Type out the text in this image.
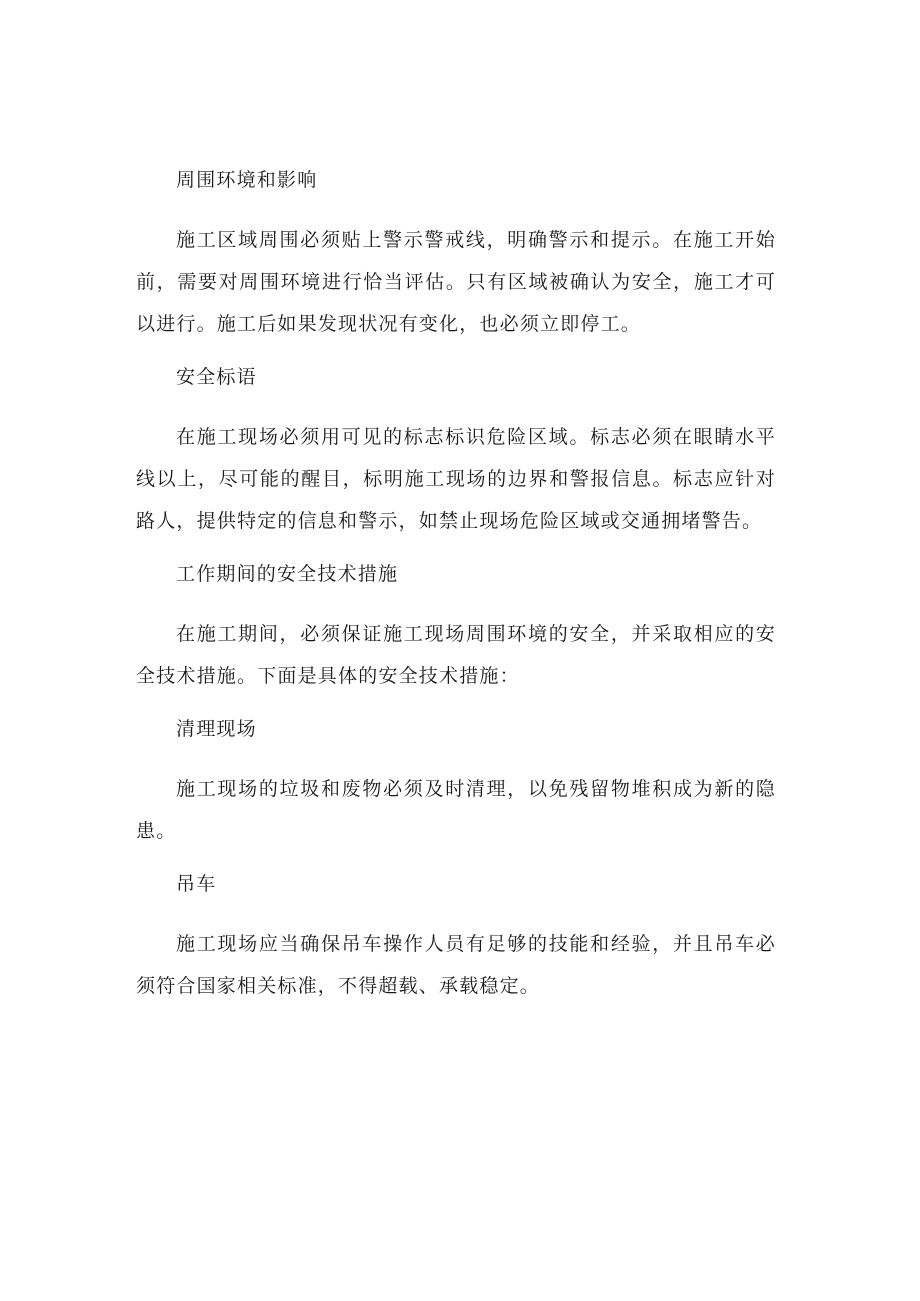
周围环境和影响

施工区域周围必须贴上警示警戒线，明确警示和提示。在施工开始前，需要对周围环境进行恰当评估。只有区域被确认为安全，施工才可以进行。施工后如果发现状况有变化，也必须立即停工。

安全标语

在施工现场必须用可见的标志标识危险区域。标志必须在眼睛水平线以上，尽可能的醒目，标明施工现场的边界和警报信息。标志应针对路人，提供特定的信息和警示，如禁止现场危险区域或交通拥堵警告。

工作期间的安全技术措施

在施工期间，必须保证施工现场周围环境的安全，并采取相应的安全技术措施。下面是具体的安全技术措施：

清理现场

施工现场的垃圾和废物必须及时清理，以免残留物堆积成为新的隐患。

吊车

施工现场应当确保吊车操作人员有足够的技能和经验，并且吊车必须符合国家相关标准，不得超载、承载稳定。
